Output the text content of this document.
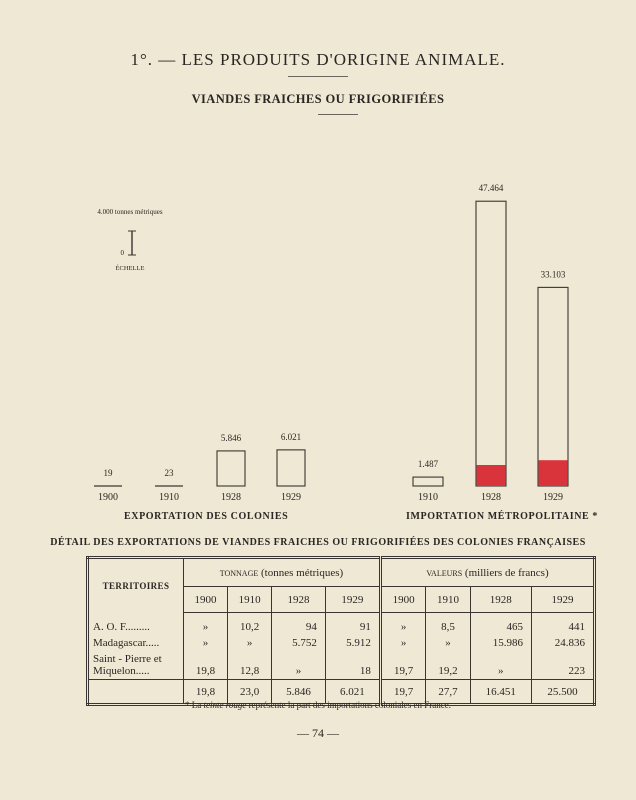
1°. — LES PRODUITS D'ORIGINE ANIMALE.
VIANDES FRAICHES OU FRIGORIFIÉES
4.000 tonnes métriques
0
ÉCHELLE
19
1900
23
1910
5.846
1928
6.021
1929
1.487
1910
47.464
1928
33.103
1929
EXPORTATION DES COLONIES	IMPORTATION MÉTROPOLITAINE *
DÉTAIL DES EXPORTATIONS DE VIANDES FRAICHES OU FRIGORIFIÉES DES COLONIES FRANÇAISES
TERRITOIRES	tonnage (tonnes métriques)				valeurs (milliers de francs)			
	1900	1910	1928	1929	1900	1910	1928	1929
A. O. F.........	»	10,2	94	91	»	8,5	465	441
Madagascar.....	»	»	5.752	5.912	»	»	15.986	24.836
Saint - Pierre et
Miquelon.....	19,8	12,8	»	18	19,7	19,2	»	223
	19,8	23,0	5.846	6.021	19,7	27,7	16.451	25.500
* La teinte rouge représente la part des importations coloniales en France.
— 74 —
